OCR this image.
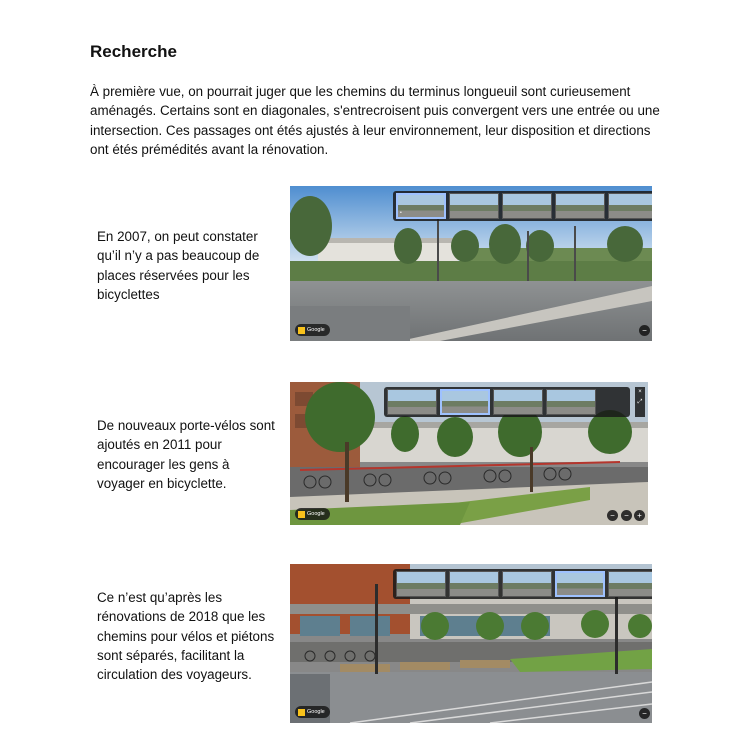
Recherche

À première vue, on pourrait juger que les chemins du terminus longueuil sont curieusement aménagés. Certains sont en diagonales, s'entrecroisent puis convergent vers une entrée ou une intersection. Ces passages ont étés ajustés à leur environnement, leur disposition et directions ont étés prémédités avant la rénovation.

En 2007, on peut constater qu’il n’y a pas beaucoup de places réservées pour les bicyclettes

•
Google	−

De nouveaux porte-vélos sont ajoutés en 2011 pour encourager les gens à voyager en bicyclette.

×
⤢
Google	−	−	+

Ce n’est qu’après les rénovations de 2018 que les chemins pour vélos et piétons sont séparés, facilitant la circulation des voyageurs.

Google	−
